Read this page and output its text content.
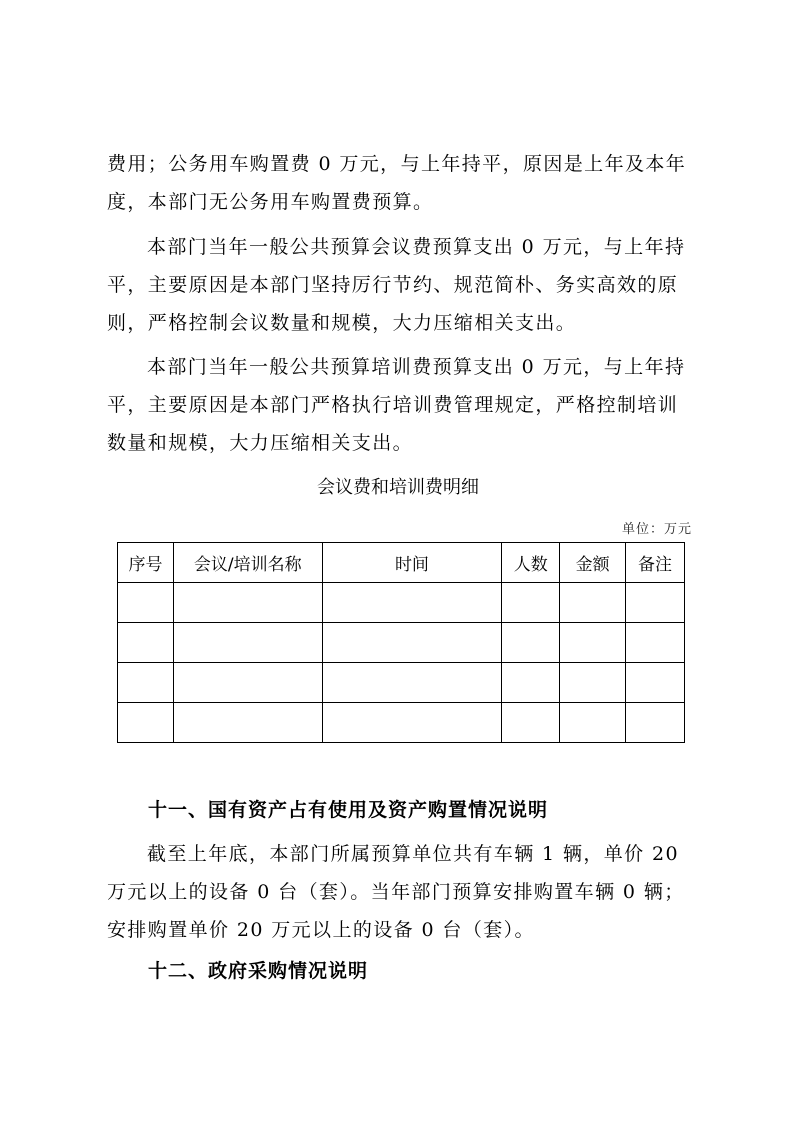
费用；公务用车购置费 0 万元，与上年持平，原因是上年及本年度，本部门无公务用车购置费预算。

本部门当年一般公共预算会议费预算支出 0 万元，与上年持平，主要原因是本部门坚持厉行节约、规范简朴、务实高效的原则，严格控制会议数量和规模，大力压缩相关支出。

本部门当年一般公共预算培训费预算支出 0 万元，与上年持平，主要原因是本部门严格执行培训费管理规定，严格控制培训数量和规模，大力压缩相关支出。

会议费和培训费明细

单位：万元
序号	会议/培训名称	时间	人数	金额	备注

十一、国有资产占有使用及资产购置情况说明

截至上年底，本部门所属预算单位共有车辆 1 辆，单价 20 万元以上的设备 0 台（套）。当年部门预算安排购置车辆 0 辆；安排购置单价 20 万元以上的设备 0 台（套）。

十二、政府采购情况说明
